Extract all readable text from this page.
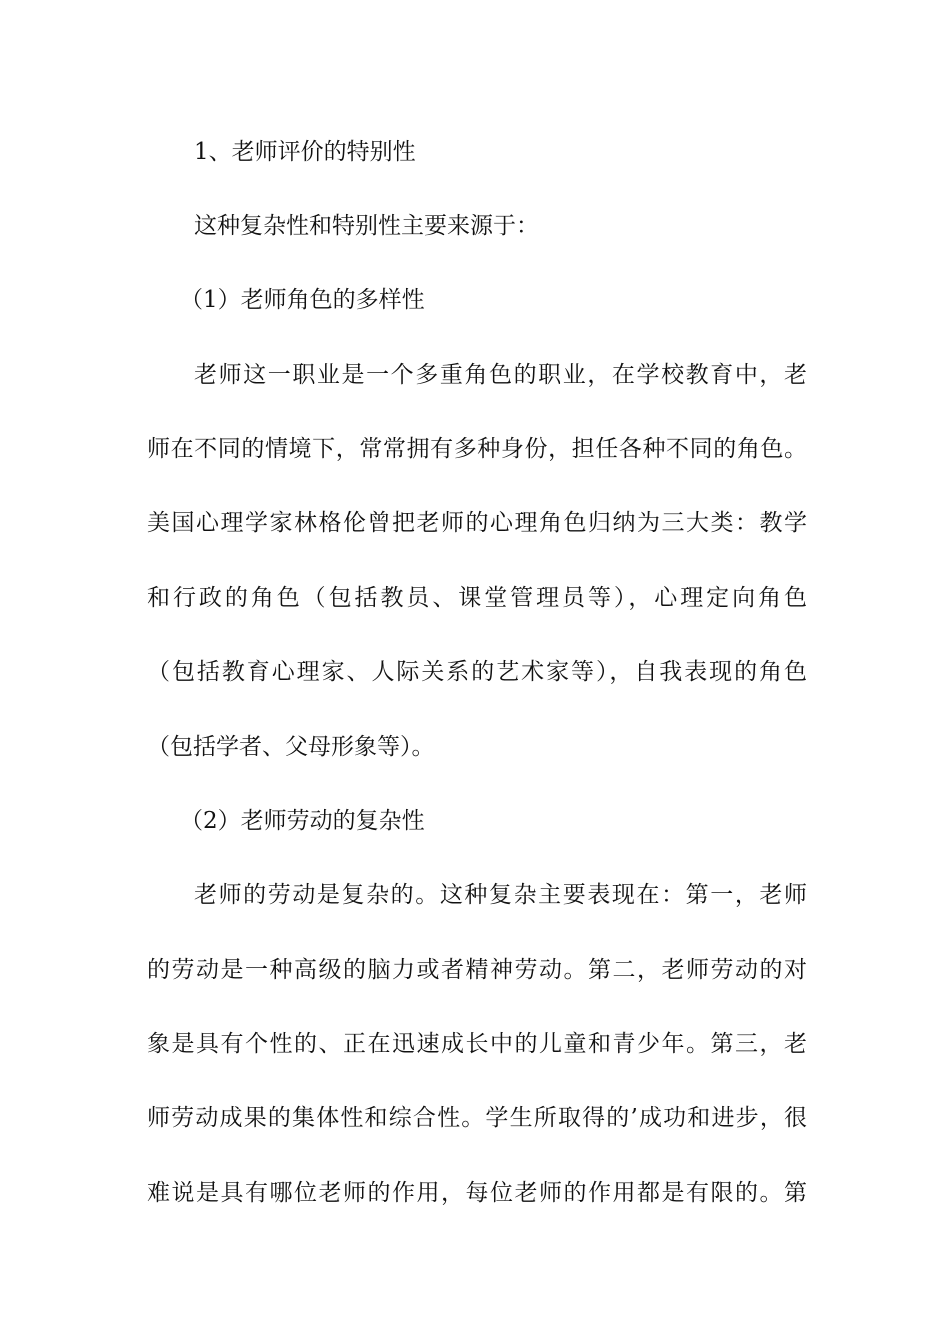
1、老师评价的特别性
这种复杂性和特别性主要来源于：
（1）老师角色的多样性
老师这一职业是一个多重角色的职业，在学校教育中，老
师在不同的情境下，常常拥有多种身份，担任各种不同的角色。
美国心理学家林格伦曾把老师的心理角色归纳为三大类：教学
和行政的角色（包括教员、课堂管理员等），心理定向角色
（包括教育心理家、人际关系的艺术家等），自我表现的角色
（包括学者、父母形象等）。
（2）老师劳动的复杂性
老师的劳动是复杂的。这种复杂主要表现在：第一，老师
的劳动是一种高级的脑力或者精神劳动。第二，老师劳动的对
象是具有个性的、正在迅速成长中的儿童和青少年。第三，老
师劳动成果的集体性和综合性。学生所取得的’成功和进步，很
难说是具有哪位老师的作用，每位老师的作用都是有限的。第
